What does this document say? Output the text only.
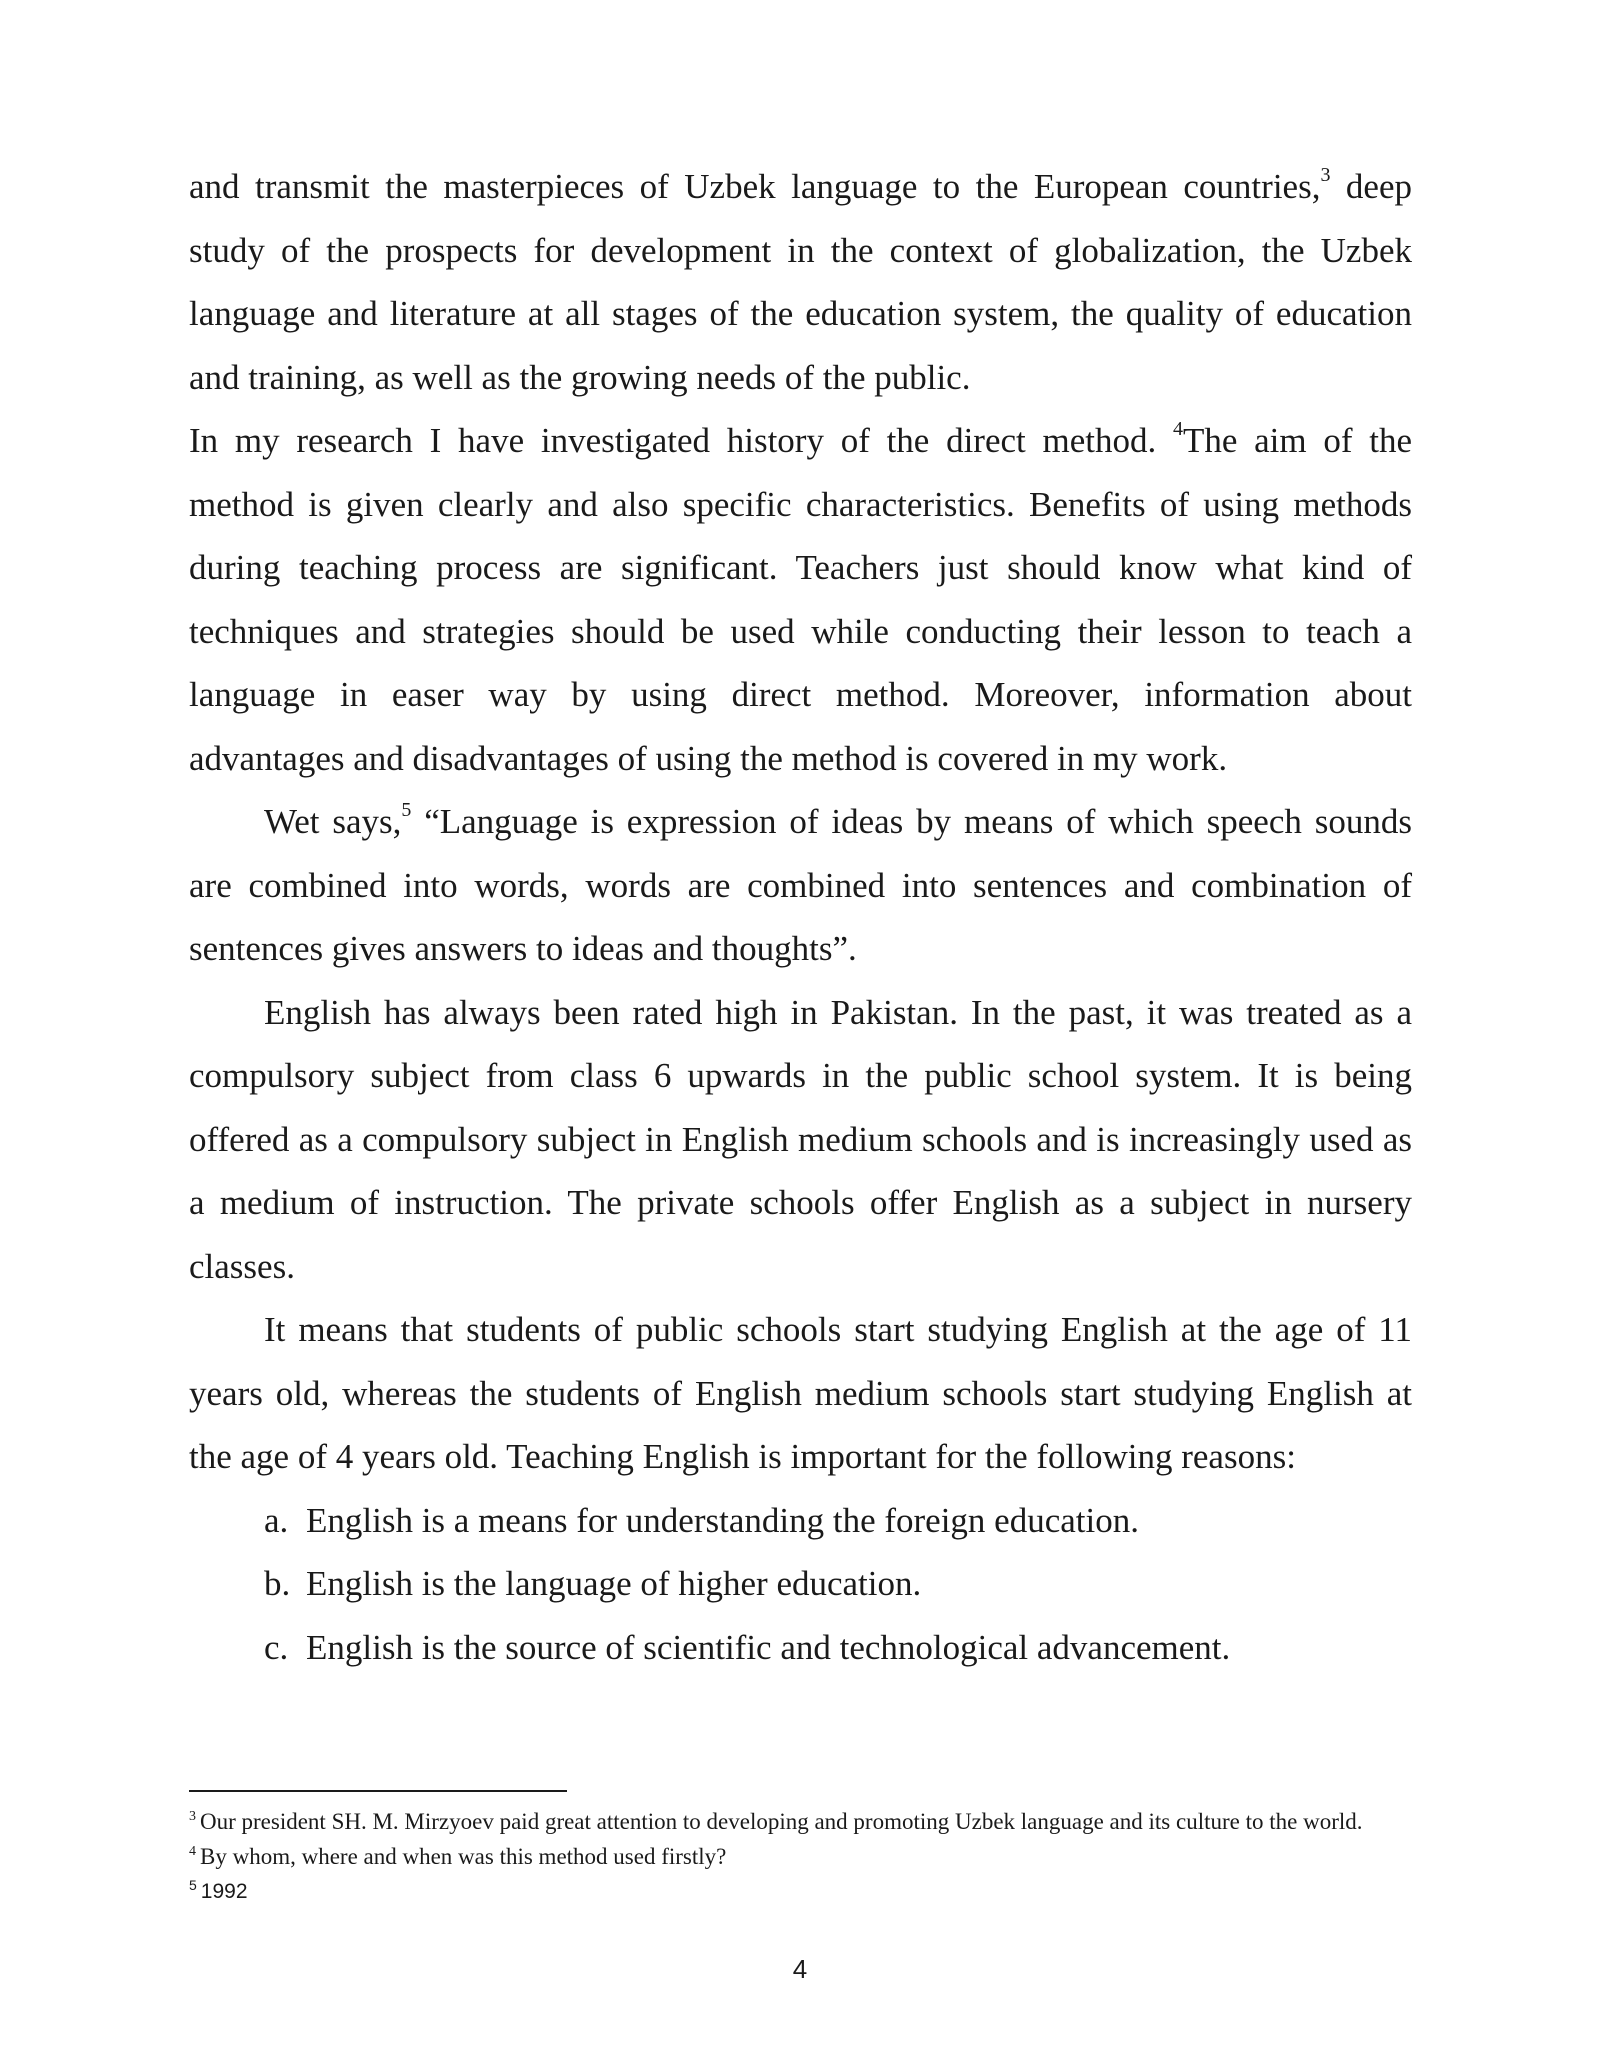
and transmit the masterpieces of Uzbek language to the European countries,$^3$ deep study of the prospects for development in the context of globalization, the Uzbek language and literature at all stages of the education system, the quality of education and training, as well as the growing needs of the public.

In my research I have investigated history of the direct method. $^4$The aim of the method is given clearly and also specific characteristics. Benefits of using methods during teaching process are significant. Teachers just should know what kind of techniques and strategies should be used while conducting their lesson to teach a language in easer way by using direct method. Moreover, information about advantages and disadvantages of using the method is covered in my work.

Wet says,$^5$ “Language is expression of ideas by means of which speech sounds are combined into words, words are combined into sentences and combination of sentences gives answers to ideas and thoughts”.

English has always been rated high in Pakistan. In the past, it was treated as a compulsory subject from class 6 upwards in the public school system. It is being offered as a compulsory subject in English medium schools and is increasingly used as a medium of instruction. The private schools offer English as a subject in nursery classes.

It means that students of public schools start studying English at the age of 11 years old, whereas the students of English medium schools start studying English at the age of 4 years old. Teaching English is important for the following reasons:

a. English is a means for understanding the foreign education.
b. English is the language of higher education.
c. English is the source of scientific and technological advancement.

$^3$ Our president SH. M. Mirzyoev paid great attention to developing and promoting Uzbek language and its culture to the world.

$^4$ By whom, where and when was this method used firstly?

$^5$ 1992

4
